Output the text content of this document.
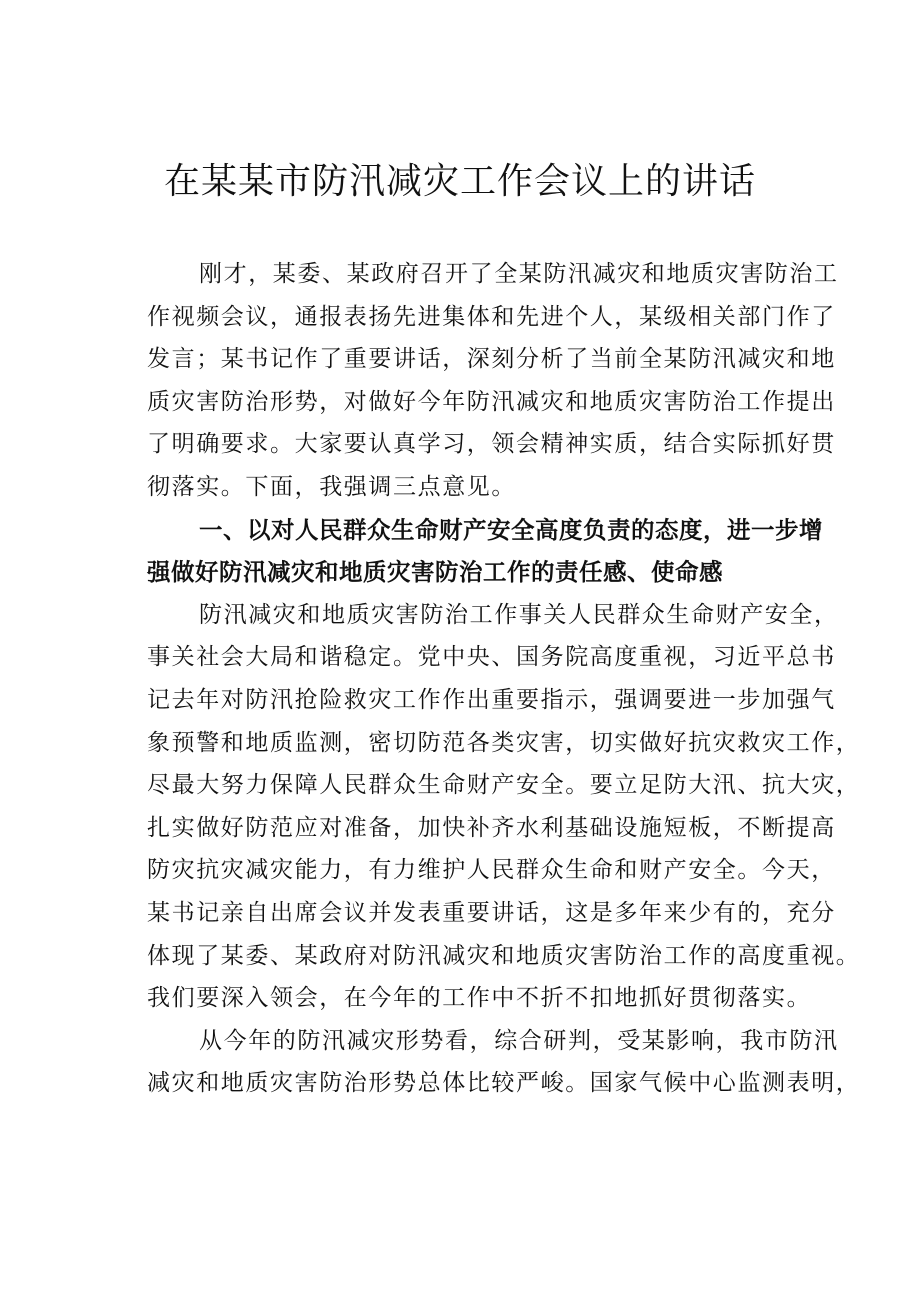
在某某市防汛减灾工作会议上的讲话

刚才，某委、某政府召开了全某防汛减灾和地质灾害防治工
作视频会议，通报表扬先进集体和先进个人，某级相关部门作了
发言；某书记作了重要讲话，深刻分析了当前全某防汛减灾和地
质灾害防治形势，对做好今年防汛减灾和地质灾害防治工作提出
了明确要求。大家要认真学习，领会精神实质，结合实际抓好贯
彻落实。下面，我强调三点意见。

一、以对人民群众生命财产安全高度负责的态度，进一步增
强做好防汛减灾和地质灾害防治工作的责任感、使命感

防汛减灾和地质灾害防治工作事关人民群众生命财产安全，
事关社会大局和谐稳定。党中央、国务院高度重视，习近平总书
记去年对防汛抢险救灾工作作出重要指示，强调要进一步加强气
象预警和地质监测，密切防范各类灾害，切实做好抗灾救灾工作，
尽最大努力保障人民群众生命财产安全。要立足防大汛、抗大灾，
扎实做好防范应对准备，加快补齐水利基础设施短板，不断提高
防灾抗灾减灾能力，有力维护人民群众生命和财产安全。今天，
某书记亲自出席会议并发表重要讲话，这是多年来少有的，充分
体现了某委、某政府对防汛减灾和地质灾害防治工作的高度重视。
我们要深入领会，在今年的工作中不折不扣地抓好贯彻落实。

从今年的防汛减灾形势看，综合研判，受某影响，我市防汛
减灾和地质灾害防治形势总体比较严峻。国家气候中心监测表明，
